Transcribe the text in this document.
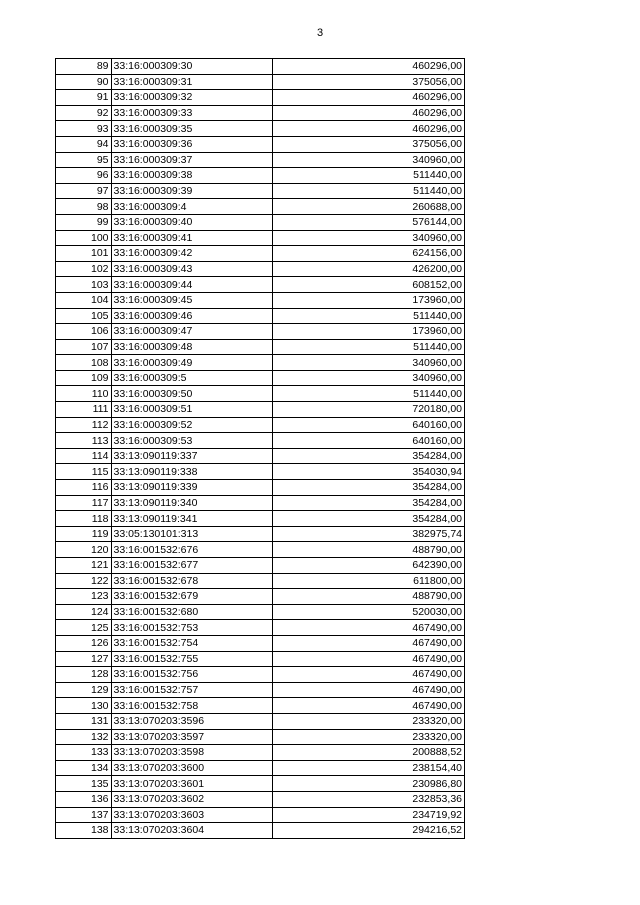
3
89	33:16:000309:30	460296,00
90	33:16:000309:31	375056,00
91	33:16:000309:32	460296,00
92	33:16:000309:33	460296,00
93	33:16:000309:35	460296,00
94	33:16:000309:36	375056,00
95	33:16:000309:37	340960,00
96	33:16:000309:38	511440,00
97	33:16:000309:39	511440,00
98	33:16:000309:4	260688,00
99	33:16:000309:40	576144,00
100	33:16:000309:41	340960,00
101	33:16:000309:42	624156,00
102	33:16:000309:43	426200,00
103	33:16:000309:44	608152,00
104	33:16:000309:45	173960,00
105	33:16:000309:46	511440,00
106	33:16:000309:47	173960,00
107	33:16:000309:48	511440,00
108	33:16:000309:49	340960,00
109	33:16:000309:5	340960,00
110	33:16:000309:50	511440,00
111	33:16:000309:51	720180,00
112	33:16:000309:52	640160,00
113	33:16:000309:53	640160,00
114	33:13:090119:337	354284,00
115	33:13:090119:338	354030,94
116	33:13:090119:339	354284,00
117	33:13:090119:340	354284,00
118	33:13:090119:341	354284,00
119	33:05:130101:313	382975,74
120	33:16:001532:676	488790,00
121	33:16:001532:677	642390,00
122	33:16:001532:678	611800,00
123	33:16:001532:679	488790,00
124	33:16:001532:680	520030,00
125	33:16:001532:753	467490,00
126	33:16:001532:754	467490,00
127	33:16:001532:755	467490,00
128	33:16:001532:756	467490,00
129	33:16:001532:757	467490,00
130	33:16:001532:758	467490,00
131	33:13:070203:3596	233320,00
132	33:13:070203:3597	233320,00
133	33:13:070203:3598	200888,52
134	33:13:070203:3600	238154,40
135	33:13:070203:3601	230986,80
136	33:13:070203:3602	232853,36
137	33:13:070203:3603	234719,92
138	33:13:070203:3604	294216,52
